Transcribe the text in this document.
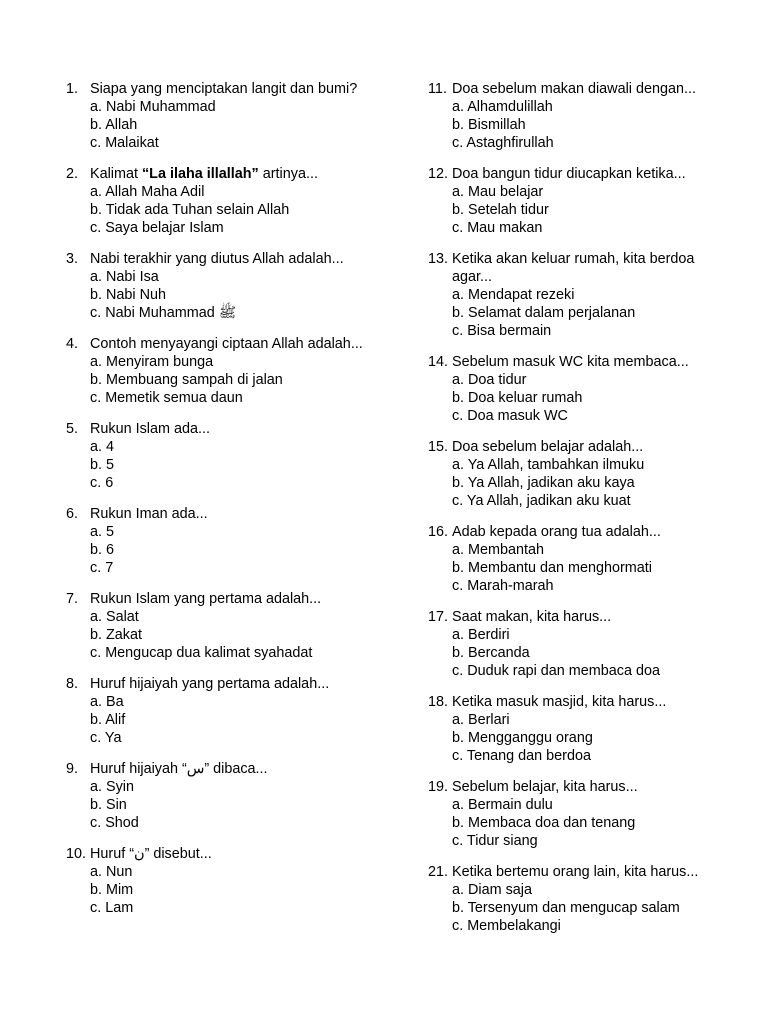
1. Siapa yang menciptakan langit dan bumi?
a. Nabi Muhammad
b. Allah
c. Malaikat
2. Kalimat “La ilaha illallah” artinya...
a. Allah Maha Adil
b. Tidak ada Tuhan selain Allah
c. Saya belajar Islam
3. Nabi terakhir yang diutus Allah adalah...
a. Nabi Isa
b. Nabi Nuh
c. Nabi Muhammad ﷺ
4. Contoh menyayangi ciptaan Allah adalah...
a. Menyiram bunga
b. Membuang sampah di jalan
c. Memetik semua daun
5. Rukun Islam ada...
a. 4
b. 5
c. 6
6. Rukun Iman ada...
a. 5
b. 6
c. 7
7. Rukun Islam yang pertama adalah...
a. Salat
b. Zakat
c. Mengucap dua kalimat syahadat
8. Huruf hijaiyah yang pertama adalah...
a. Ba
b. Alif
c. Ya
9. Huruf hijaiyah “س” dibaca...
a. Syin
b. Sin
c. Shod
10. Huruf “ن” disebut...
a. Nun
b. Mim
c. Lam
11. Doa sebelum makan diawali dengan...
a. Alhamdulillah
b. Bismillah
c. Astaghfirullah
12. Doa bangun tidur diucapkan ketika...
a. Mau belajar
b. Setelah tidur
c. Mau makan
13. Ketika akan keluar rumah, kita berdoa agar...
a. Mendapat rezeki
b. Selamat dalam perjalanan
c. Bisa bermain
14. Sebelum masuk WC kita membaca...
a. Doa tidur
b. Doa keluar rumah
c. Doa masuk WC
15. Doa sebelum belajar adalah...
a. Ya Allah, tambahkan ilmuku
b. Ya Allah, jadikan aku kaya
c. Ya Allah, jadikan aku kuat
16. Adab kepada orang tua adalah...
a. Membantah
b. Membantu dan menghormati
c. Marah-marah
17. Saat makan, kita harus...
a. Berdiri
b. Bercanda
c. Duduk rapi dan membaca doa
18. Ketika masuk masjid, kita harus...
a. Berlari
b. Mengganggu orang
c. Tenang dan berdoa
19. Sebelum belajar, kita harus...
a. Bermain dulu
b. Membaca doa dan tenang
c. Tidur siang
21. Ketika bertemu orang lain, kita harus...
a. Diam saja
b. Tersenyum dan mengucap salam
c. Membelakangi
